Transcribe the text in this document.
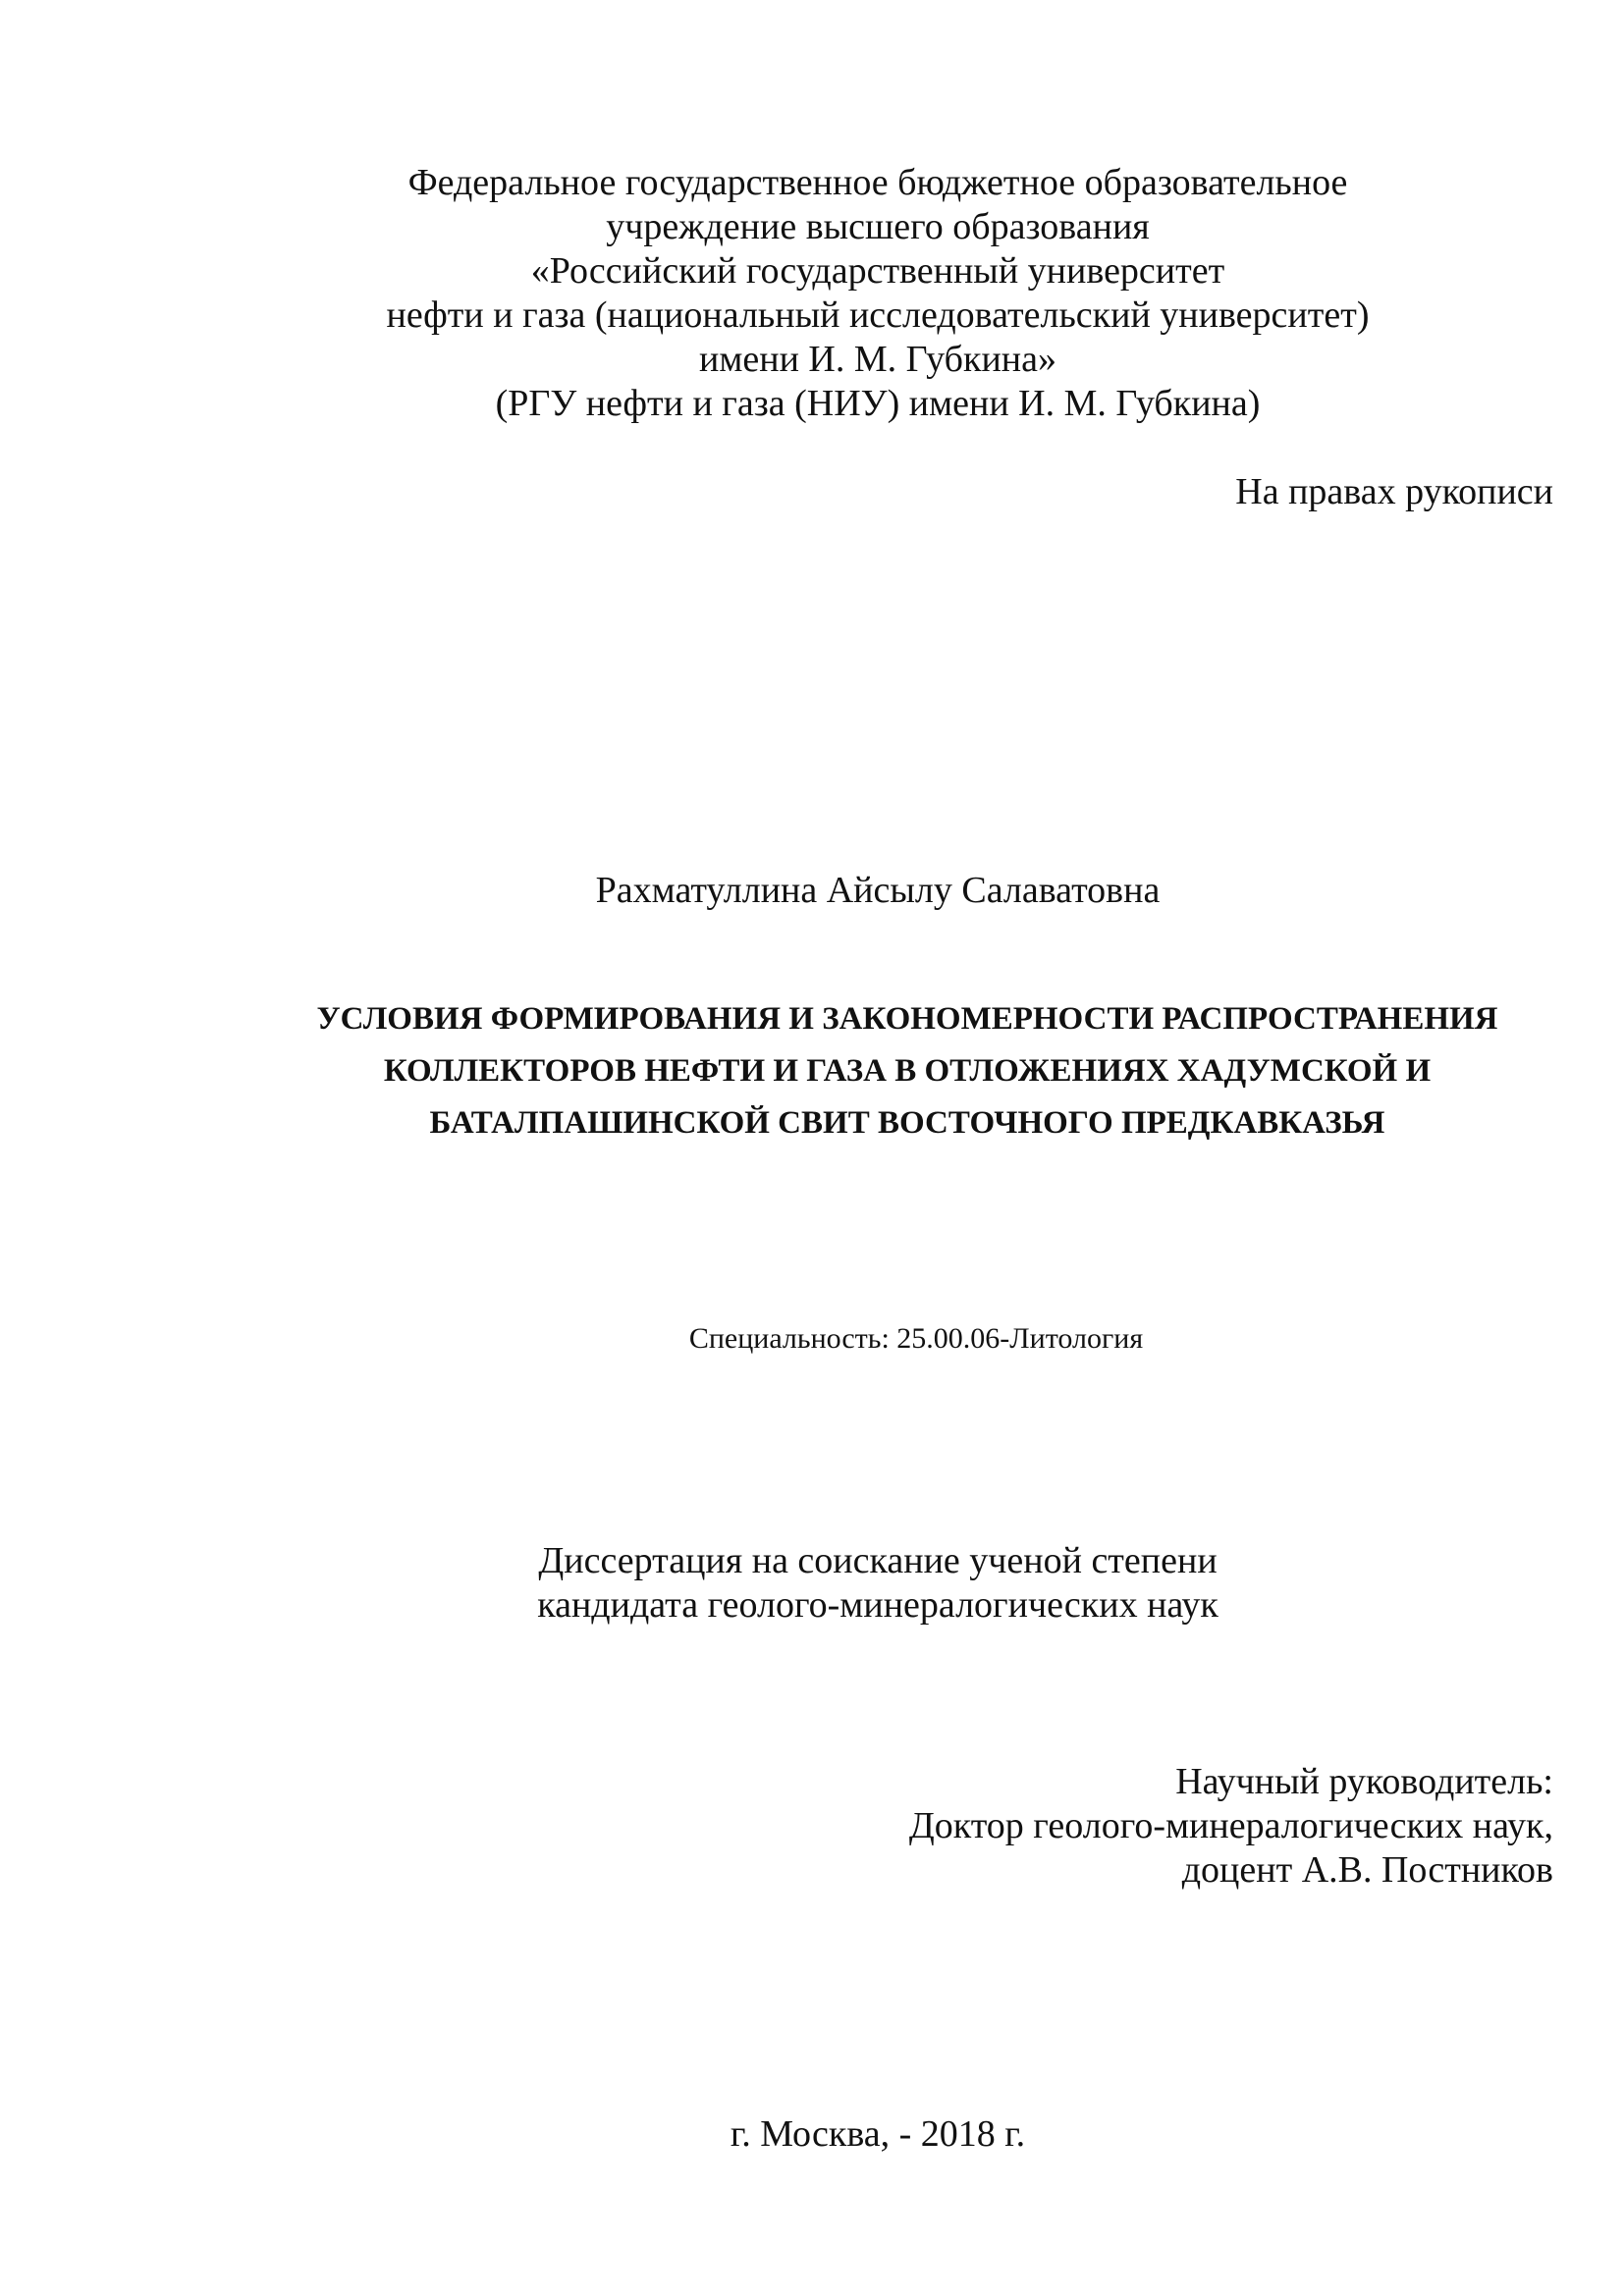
Федеральное государственное бюджетное образовательное
учреждение высшего образования
«Российский государственный университет
нефти и газа (национальный исследовательский университет)
имени И. М. Губкина»
(РГУ нефти и газа (НИУ) имени И. М. Губкина)
На правах рукописи
Рахматуллина Айсылу Салаватовна
УСЛОВИЯ ФОРМИРОВАНИЯ И ЗАКОНОМЕРНОСТИ РАСПРОСТРАНЕНИЯ
КОЛЛЕКТОРОВ НЕФТИ И ГАЗА В ОТЛОЖЕНИЯХ ХАДУМСКОЙ И
БАТАЛПАШИНСКОЙ СВИТ ВОСТОЧНОГО ПРЕДКАВКАЗЬЯ
Специальность: 25.00.06-Литология
Диссертация на соискание ученой степени
кандидата геолого-минералогических наук
Научный руководитель:
Доктор геолого-минералогических наук,
доцент А.В. Постников
г. Москва, - 2018 г.
